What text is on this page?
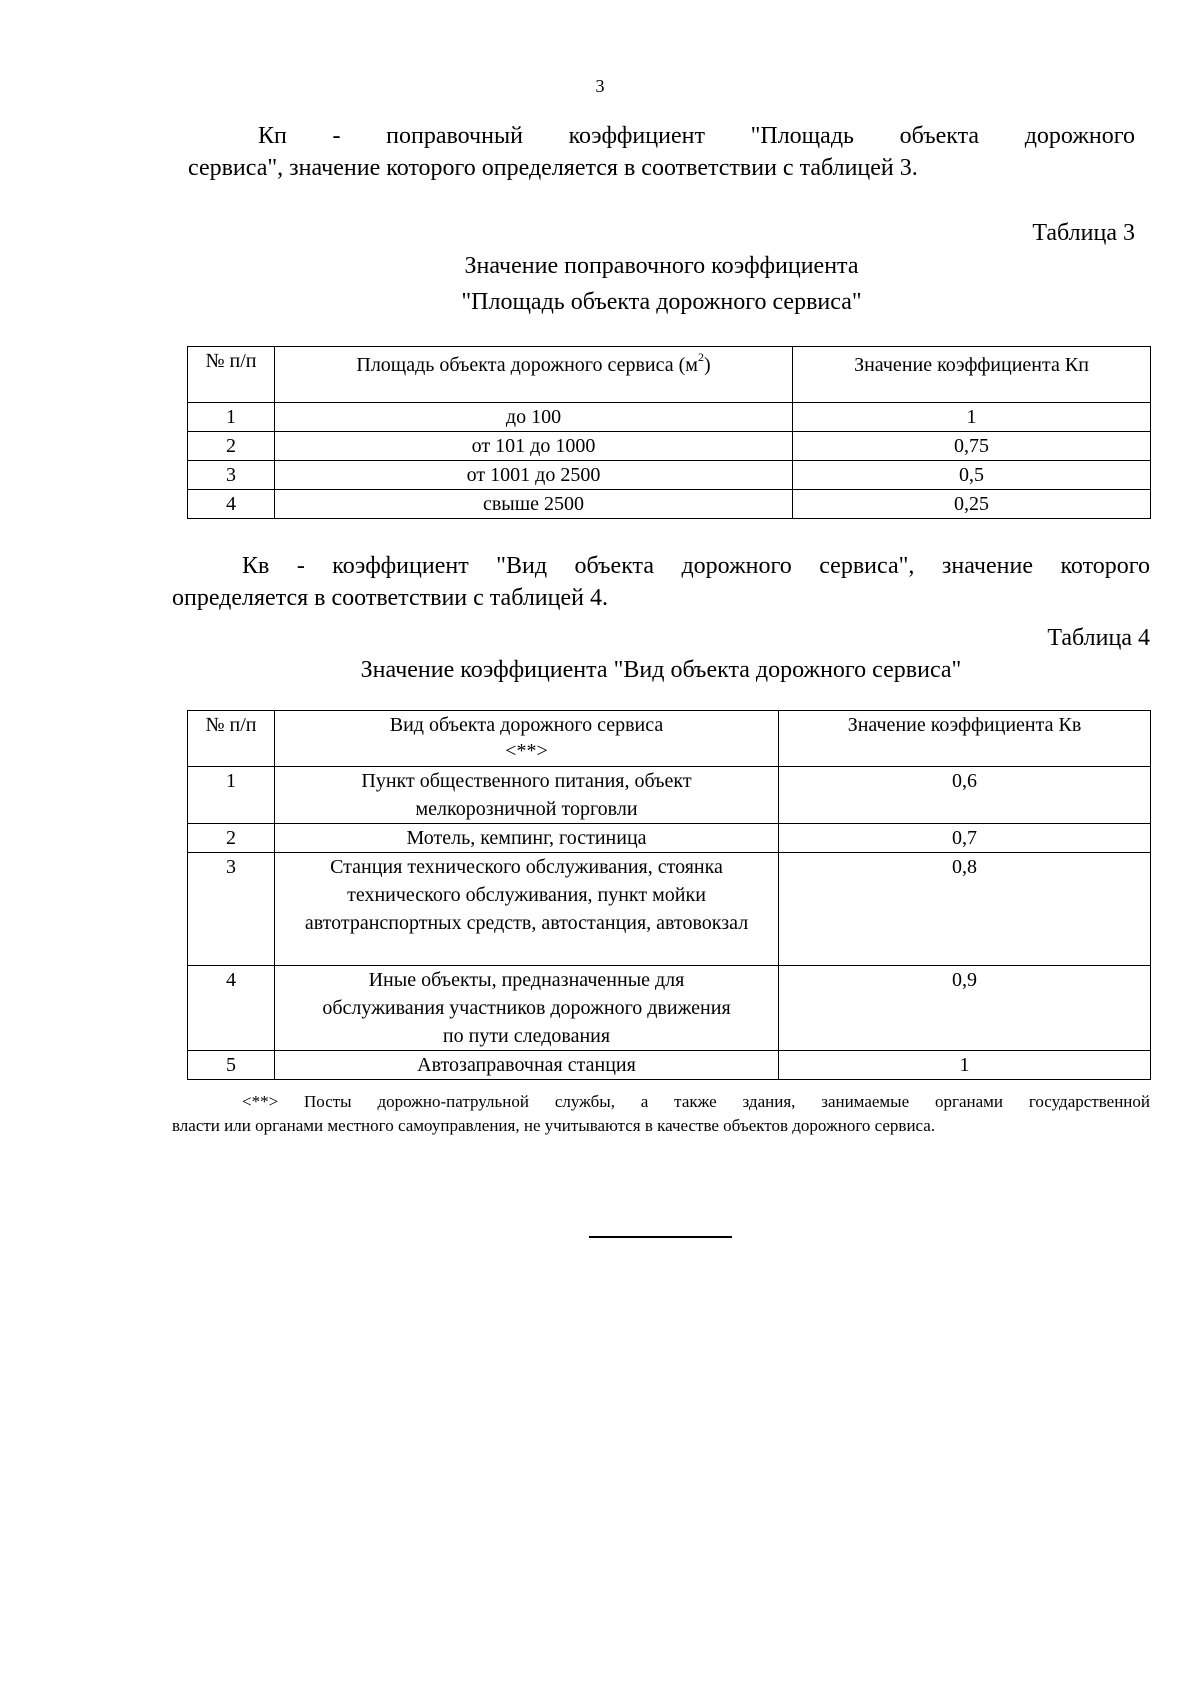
3
Кп - поправочный коэффициент "Площадь объекта дорожного
сервиса", значение которого определяется в соответствии с таблицей 3.
Таблица 3
Значение поправочного коэффициента
"Площадь объекта дорожного сервиса"
№ п/п	Площадь объекта дорожного сервиса $(м^2)$	Значение коэффициента Кп
1	до 100	1
2	от 101 до 1000	0,75
3	от 1001 до 2500	0,5
4	свыше 2500	0,25
Кв - коэффициент "Вид объекта дорожного сервиса", значение которого
определяется в соответствии с таблицей 4.
Таблица 4
Значение коэффициента "Вид объекта дорожного сервиса"
№ п/п	Вид объекта дорожного сервиса <**>	Значение коэффициента Кв
1	Пункт общественного питания, объект мелкорозничной торговли	0,6
2	Мотель, кемпинг, гостиница	0,7
3	Станция технического обслуживания, стоянка технического обслуживания, пункт мойки автотранспортных средств, автостанция, автовокзал	0,8
4	Иные объекты, предназначенные для обслуживания участников дорожного движения по пути следования	0,9
5	Автозаправочная станция	1
<**> Посты дорожно-патрульной службы, а также здания, занимаемые органами государственной
власти или органами местного самоуправления, не учитываются в качестве объектов дорожного сервиса.
